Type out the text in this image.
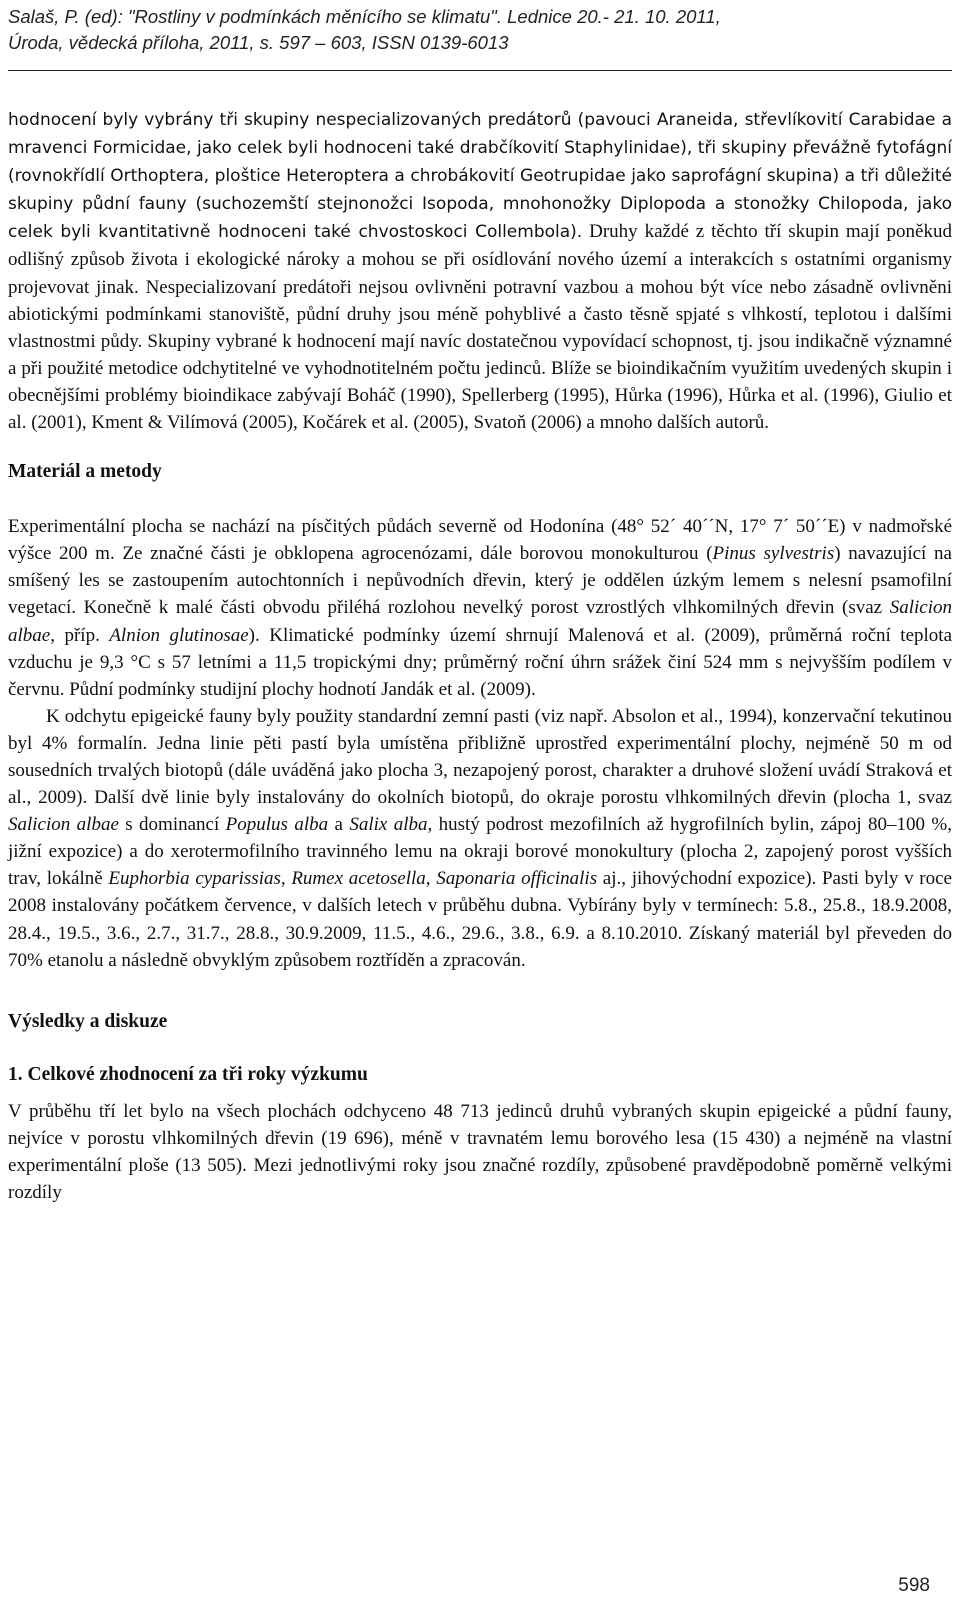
Salaš, P. (ed): "Rostliny v podmínkách měnícího se klimatu". Lednice 20.- 21. 10. 2011,
Úroda, vědecká příloha, 2011, s. 597 – 603, ISSN 0139-6013

hodnocení byly vybrány tři skupiny nespecializovaných predátorů (pavouci Araneida, střevlíkovití Carabidae a mravenci Formicidae, jako celek byli hodnoceni také drabčíkovití Staphylinidae), tři skupiny převážně fytofágní (rovnokřídlí Orthoptera, ploštice Heteroptera a chrobákovití Geotrupidae jako saprofágní skupina) a tři důležité skupiny půdní fauny (suchozemští stejnonožci Isopoda, mnohonožky Diplopoda a stonožky Chilopoda, jako celek byli kvantitativně hodnoceni také chvostoskoci Collembola). Druhy každé z těchto tří skupin mají poněkud odlišný způsob života i ekologické nároky a mohou se při osídlování nového území a interakcích s ostatními organismy projevovat jinak. Nespecializovaní predátoři nejsou ovlivněni potravní vazbou a mohou být více nebo zásadně ovlivněni abiotickými podmínkami stanoviště, půdní druhy jsou méně pohyblivé a často těsně spjaté s vlhkostí, teplotou i dalšími vlastnostmi půdy. Skupiny vybrané k hodnocení mají navíc dostatečnou vypovídací schopnost, tj. jsou indikačně významné a při použité metodice odchytitelné ve vyhodnotitelném počtu jedinců. Blíže se bioindikačním využitím uvedených skupin i obecnějšími problémy bioindikace zabývají Boháč (1990), Spellerberg (1995), Hůrka (1996), Hůrka et al. (1996), Giulio et al. (2001), Kment & Vilímová (2005), Kočárek et al. (2005), Svatoň (2006) a mnoho dalších autorů.

Materiál a metody

Experimentální plocha se nachází na písčitých půdách severně od Hodonína (48° 52´ 40´´N, 17° 7´ 50´´E) v nadmořské výšce 200 m. Ze značné části je obklopena agrocenózami, dále borovou monokulturou (Pinus sylvestris) navazující na smíšený les se zastoupením autochtonních i nepůvodních dřevin, který je oddělen úzkým lemem s nelesní psamofilní vegetací. Konečně k malé části obvodu přiléhá rozlohou nevelký porost vzrostlých vlhkomilných dřevin (svaz Salicion albae, příp. Alnion glutinosae). Klimatické podmínky území shrnují Malenová et al. (2009), průměrná roční teplota vzduchu je 9,3 °C s 57 letními a 11,5 tropickými dny; průměrný roční úhrn srážek činí 524 mm s nejvyšším podílem v červnu. Půdní podmínky studijní plochy hodnotí Jandák et al. (2009).

K odchytu epigeické fauny byly použity standardní zemní pasti (viz např. Absolon et al., 1994), konzervační tekutinou byl 4% formalín. Jedna linie pěti pastí byla umístěna přibližně uprostřed experimentální plochy, nejméně 50 m od sousedních trvalých biotopů (dále uváděná jako plocha 3, nezapojený porost, charakter a druhové složení uvádí Straková et al., 2009). Další dvě linie byly instalovány do okolních biotopů, do okraje porostu vlhkomilných dřevin (plocha 1, svaz Salicion albae s dominancí Populus alba a Salix alba, hustý podrost mezofilních až hygrofilních bylin, zápoj 80–100 %, jižní expozice) a do xerotermofilního travinného lemu na okraji borové monokultury (plocha 2, zapojený porost vyšších trav, lokálně Euphorbia cyparissias, Rumex acetosella, Saponaria officinalis aj., jihovýchodní expozice). Pasti byly v roce 2008 instalovány počátkem července, v dalších letech v průběhu dubna. Vybírány byly v termínech: 5.8., 25.8., 18.9.2008, 28.4., 19.5., 3.6., 2.7., 31.7., 28.8., 30.9.2009, 11.5., 4.6., 29.6., 3.8., 6.9. a 8.10.2010. Získaný materiál byl převeden do 70% etanolu a následně obvyklým způsobem roztříděn a zpracován.

Výsledky a diskuze
1. Celkové zhodnocení za tři roky výzkumu

V průběhu tří let bylo na všech plochách odchyceno 48 713 jedinců druhů vybraných skupin epigeické a půdní fauny, nejvíce v porostu vlhkomilných dřevin (19 696), méně v travnatém lemu borového lesa (15 430) a nejméně na vlastní experimentální ploše (13 505). Mezi jednotlivými roky jsou značné rozdíly, způsobené pravděpodobně poměrně velkými rozdíly

598
